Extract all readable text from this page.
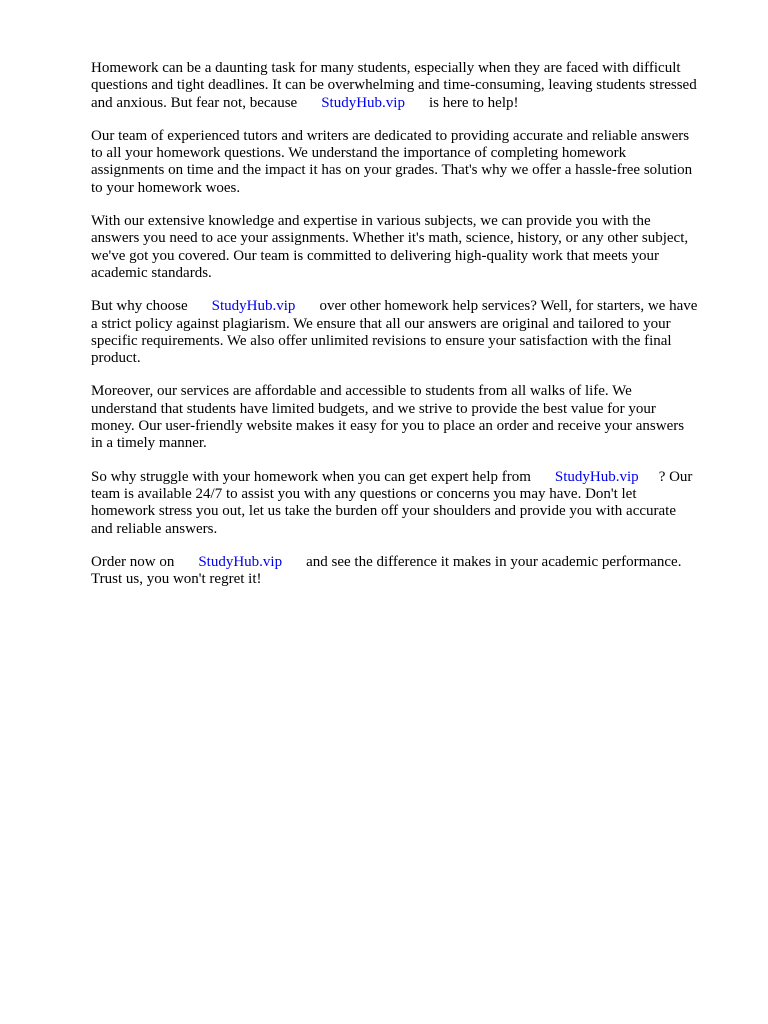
Homework can be a daunting task for many students, especially when they are faced with difficult
questions and tight deadlines. It can be overwhelming and time-consuming, leaving students stressed
and anxious. But fear not, because StudyHub.vip is here to help!

Our team of experienced tutors and writers are dedicated to providing accurate and reliable answers
to all your homework questions. We understand the importance of completing homework
assignments on time and the impact it has on your grades. That's why we offer a hassle-free solution
to your homework woes.

With our extensive knowledge and expertise in various subjects, we can provide you with the
answers you need to ace your assignments. Whether it's math, science, history, or any other subject,
we've got you covered. Our team is committed to delivering high-quality work that meets your
academic standards.

But why choose StudyHub.vip over other homework help services? Well, for starters, we have
a strict policy against plagiarism. We ensure that all our answers are original and tailored to your
specific requirements. We also offer unlimited revisions to ensure your satisfaction with the final
product.

Moreover, our services are affordable and accessible to students from all walks of life. We
understand that students have limited budgets, and we strive to provide the best value for your
money. Our user-friendly website makes it easy for you to place an order and receive your answers
in a timely manner.

So why struggle with your homework when you can get expert help from StudyHub.vip ? Our
team is available 24/7 to assist you with any questions or concerns you may have. Don't let
homework stress you out, let us take the burden off your shoulders and provide you with accurate
and reliable answers.

Order now on StudyHub.vip and see the difference it makes in your academic performance.
Trust us, you won't regret it!
